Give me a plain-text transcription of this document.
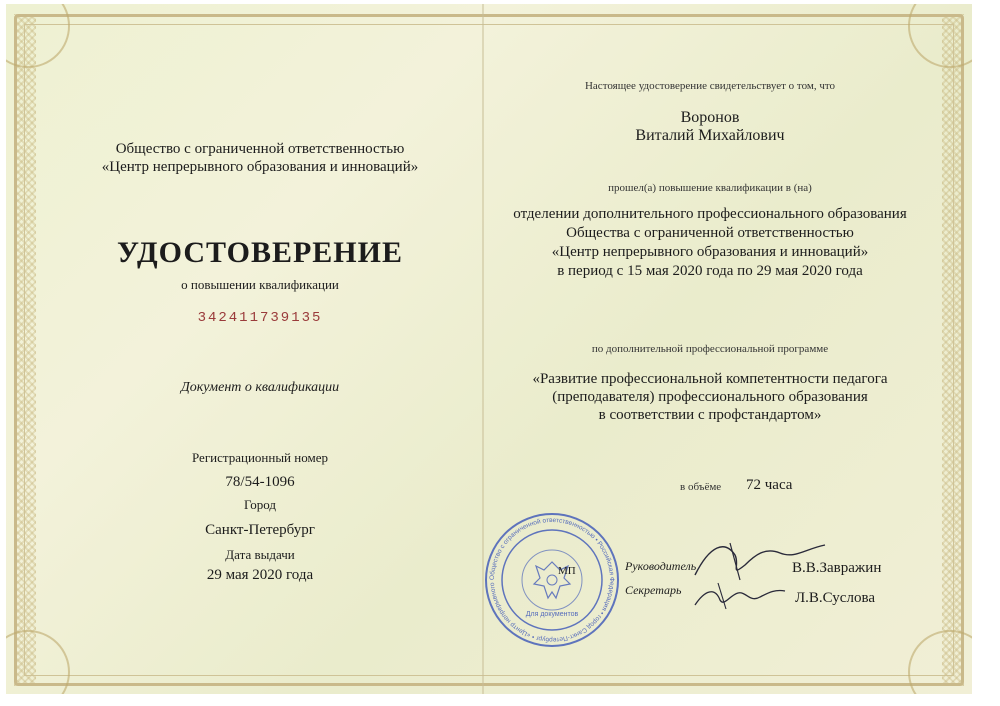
Общество с ограниченной ответственностью
«Центр непрерывного образования и инноваций»
УДОСТОВЕРЕНИЕ
о повышении квалификации
342411739135
Документ о квалификации
Регистрационный номер
78/54-1096
Город
Санкт-Петербург
Дата выдачи
29 мая 2020 года
Настоящее удостоверение свидетельствует о том, что
Воронов
Виталий Михайлович
прошел(а) повышение квалификации в (на)
отделении дополнительного профессионального образования
Общества с ограниченной ответственностью
«Центр непрерывного образования и инноваций»
в период с 15 мая 2020 года по 29 мая 2020 года
по дополнительной профессиональной программе
«Развитие профессиональной компетентности педагога
(преподавателя) профессионального образования
в соответствии с профстандартом»
в объёме 72 часа
Общество с ограниченной ответственностью • Российская Федерация • город Санкт-Петербург • «Центр непрерывного
МП
Для документов
Руководитель	В.В.Завражин
Секретарь	Л.В.Суслова
